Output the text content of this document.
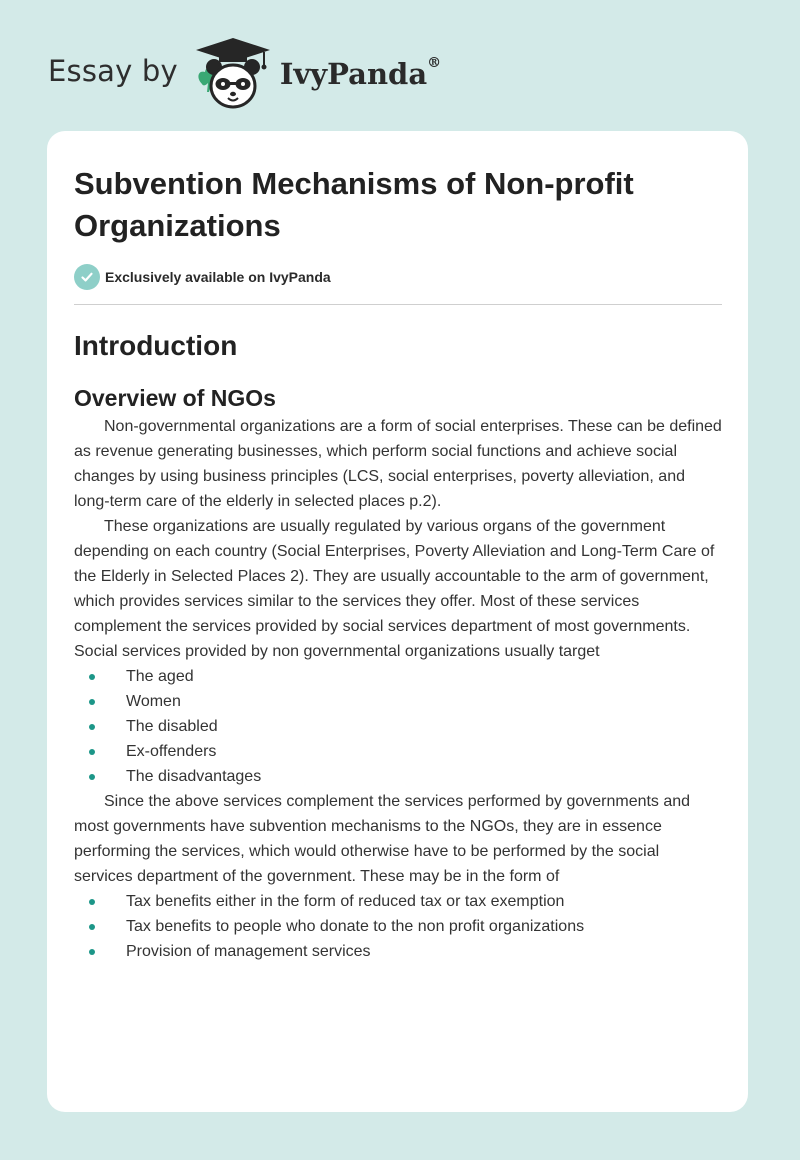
Essay by	IvyPanda®
Subvention Mechanisms of Non-profit Organizations
Exclusively available on IvyPanda
Introduction
Overview of NGOs

Non-governmental organizations are a form of social enterprises. These can be defined as revenue generating businesses, which perform social functions and achieve social changes by using business principles (LCS, social enterprises, poverty alleviation, and long-term care of the elderly in selected places p.2).

These organizations are usually regulated by various organs of the government depending on each country (Social Enterprises, Poverty Alleviation and Long-Term Care of the Elderly in Selected Places 2). They are usually accountable to the arm of government, which provides services similar to the services they offer. Most of these services complement the services provided by social services department of most governments. Social services provided by non governmental organizations usually target

The aged
Women
The disabled
Ex-offenders
The disadvantages

Since the above services complement the services performed by governments and most governments have subvention mechanisms to the NGOs, they are in essence performing the services, which would otherwise have to be performed by the social services department of the government. These may be in the form of

Tax benefits either in the form of reduced tax or tax exemption
Tax benefits to people who donate to the non profit organizations
Provision of management services
